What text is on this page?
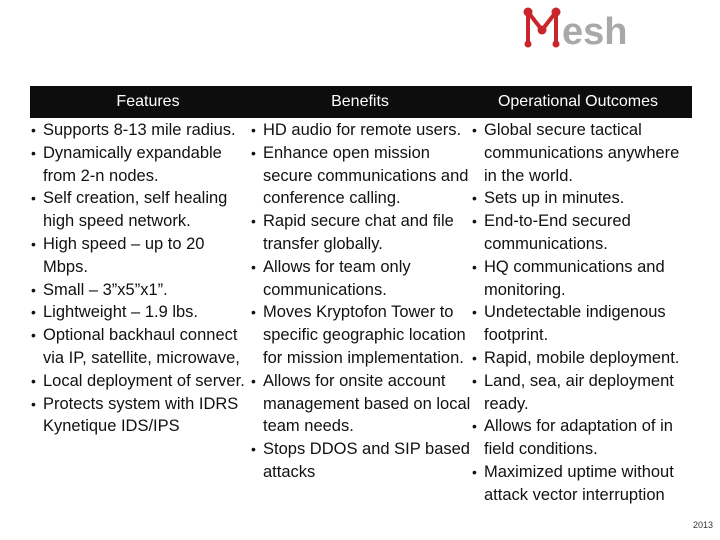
esh
Features	Benefits	Operational Outcomes
• Supports 8-13 mile radius.
• Dynamically expandable from 2-n nodes.
• Self creation, self healing high speed network.
• High speed – up to 20 Mbps.
• Small – 3”x5”x1”.
• Lightweight – 1.9 lbs.
• Optional backhaul connect via IP, satellite, microwave,
• Local deployment of server.
• Protects system with IDRS Kynetique IDS/IPS
• HD audio for remote users.
• Enhance open mission secure communications and conference calling.
• Rapid secure chat and file transfer globally.
• Allows for team only communications.
• Moves Kryptofon Tower to specific geographic location for mission implementation.
• Allows for onsite account management based on local team needs.
• Stops DDOS and SIP based attacks
• Global secure tactical communications anywhere in the world.
• Sets up in minutes.
• End-to-End secured communications.
• HQ communications and monitoring.
• Undetectable indigenous footprint.
• Rapid, mobile deployment.
• Land, sea, air deployment ready.
• Allows for adaptation of in field conditions.
• Maximized uptime without attack vector interruption
2013
